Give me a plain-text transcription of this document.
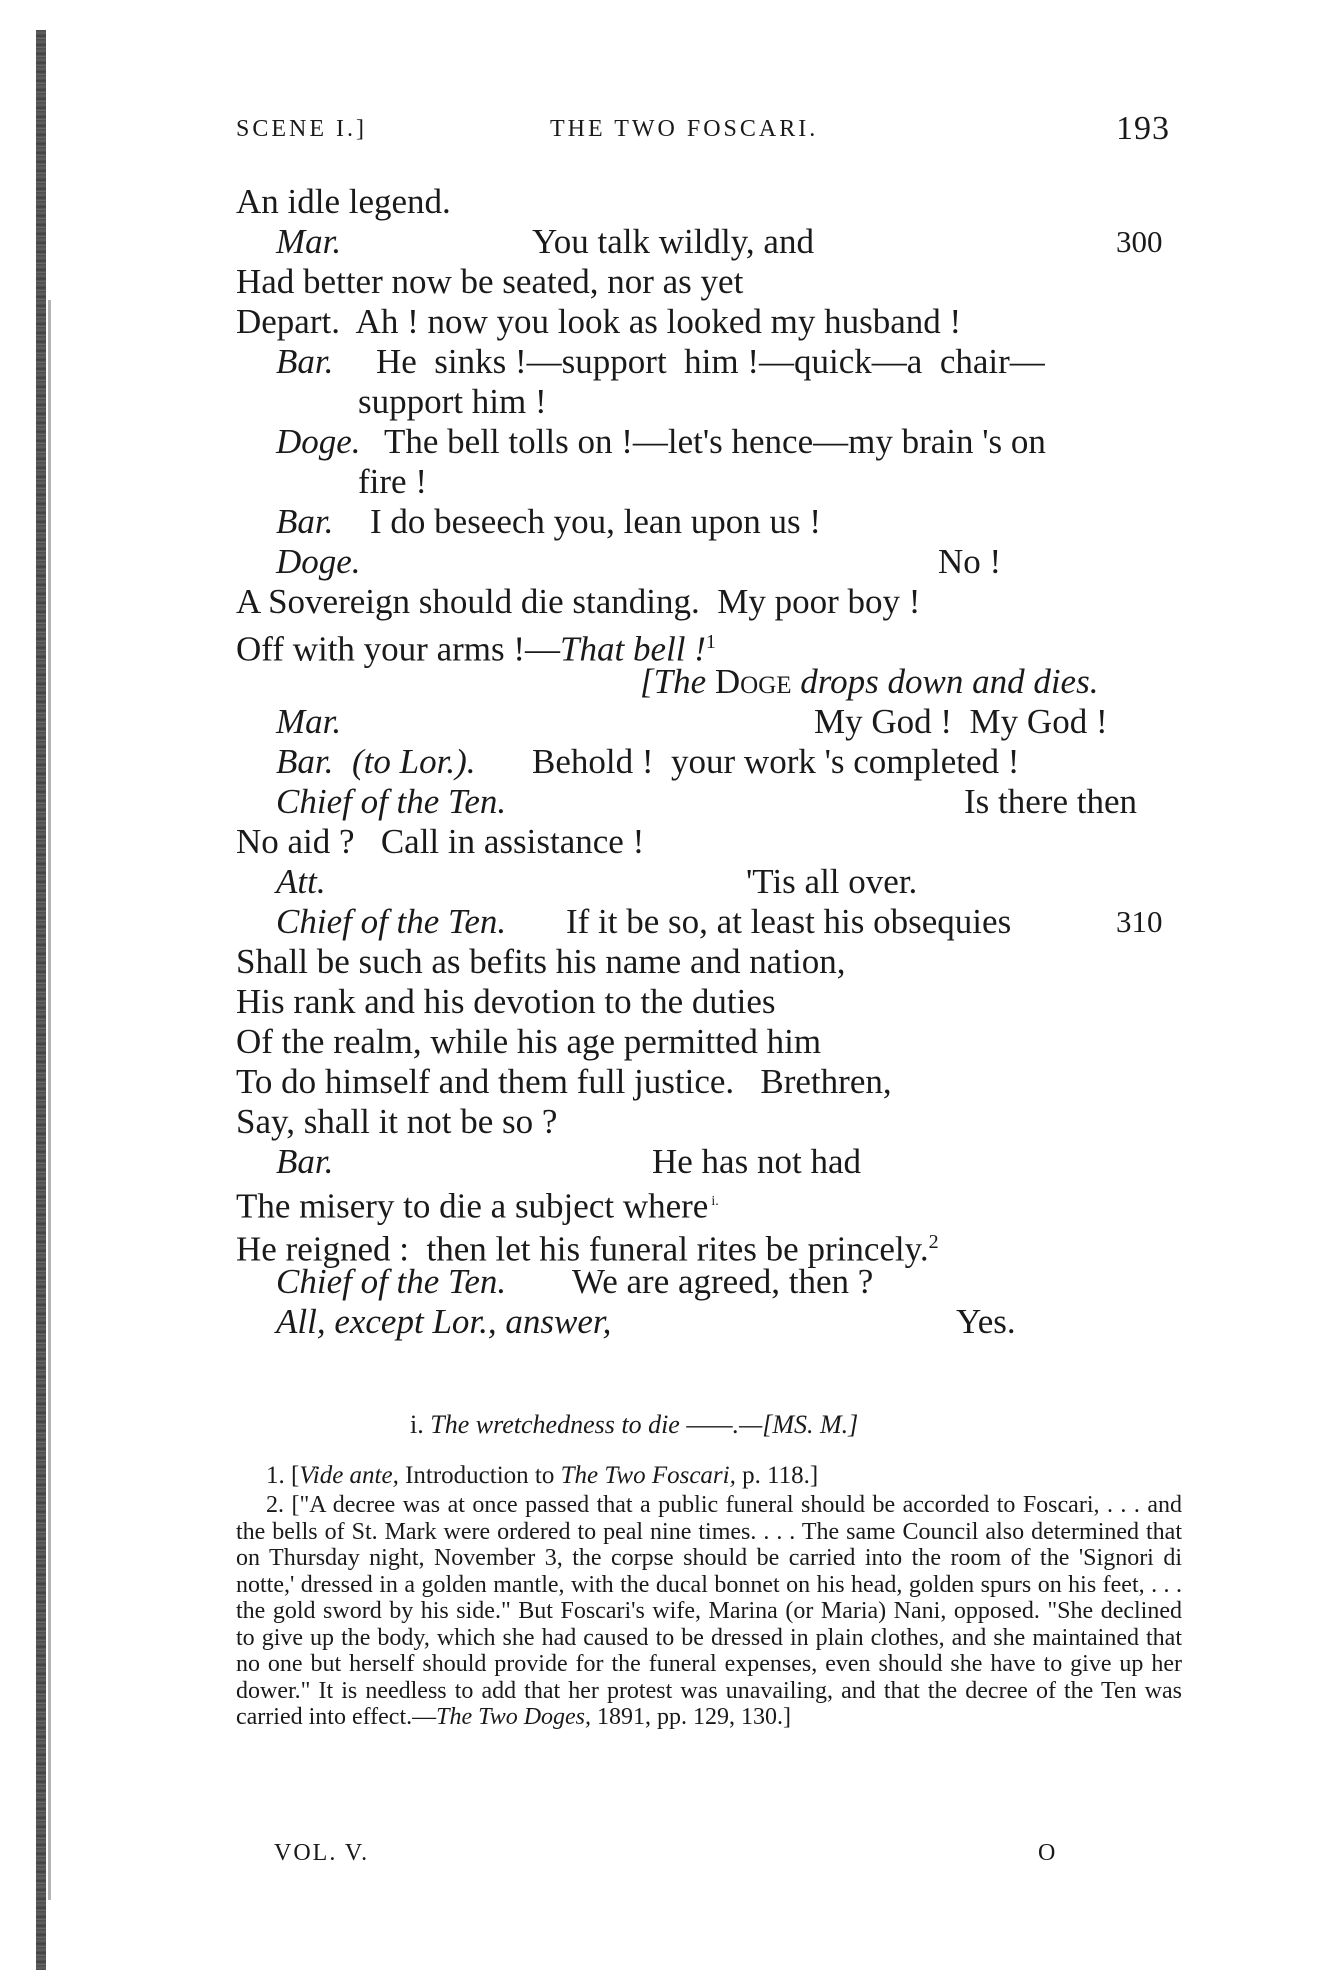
SCENE I.]	THE TWO FOSCARI.	193
An idle legend.
Mar.	You talk wildly, and	300
Had better now be seated, nor as yet
Depart.  Ah ! now you look as looked my husband !
Bar. He  sinks !—support  him !—quick—a  chair—
support him !
Doge. The bell tolls on !—let's hence—my brain 's on
fire !
Bar. I do beseech you, lean upon us !
Doge.	No !
A Sovereign should die standing.  My poor boy !
Off with your arms !—That bell !$^1$
[The Doge drops down and dies.
Mar.	My God !  My God !
Bar. (to Lor.). Behold !  your work 's completed !
Chief of the Ten.	Is there then
No aid ?   Call in assistance !
Att.	'Tis all over.
Chief of the Ten. If it be so, at least his obsequies	310
Shall be such as befits his name and nation,
His rank and his devotion to the duties
Of the realm, while his age permitted him
To do himself and them full justice.   Brethren,
Say, shall it not be so ?
Bar.	He has not had
The misery to die a subject where $^{i.}$
He reigned :  then let his funeral rites be princely.$^2$
Chief of the Ten. We are agreed, then ?
All, except Lor., answer,	Yes.
i. The wretchedness to die ——.—[MS. M.]
1. [Vide ante, Introduction to The Two Foscari, p. 118.]
2. ["A decree was at once passed that a public funeral should be accorded to Foscari, . . . and the bells of St. Mark were ordered to peal nine times. . . . The same Council also determined that on Thursday night, November 3, the corpse should be carried into the room of the 'Signori di notte,' dressed in a golden mantle, with the ducal bonnet on his head, golden spurs on his feet, . . . the gold sword by his side." But Foscari's wife, Marina (or Maria) Nani, opposed. "She declined to give up the body, which she had caused to be dressed in plain clothes, and she maintained that no one but herself should provide for the funeral expenses, even should she have to give up her dower." It is needless to add that her protest was unavailing, and that the decree of the Ten was carried into effect.—The Two Doges, 1891, pp. 129, 130.]
VOL. V.	O
